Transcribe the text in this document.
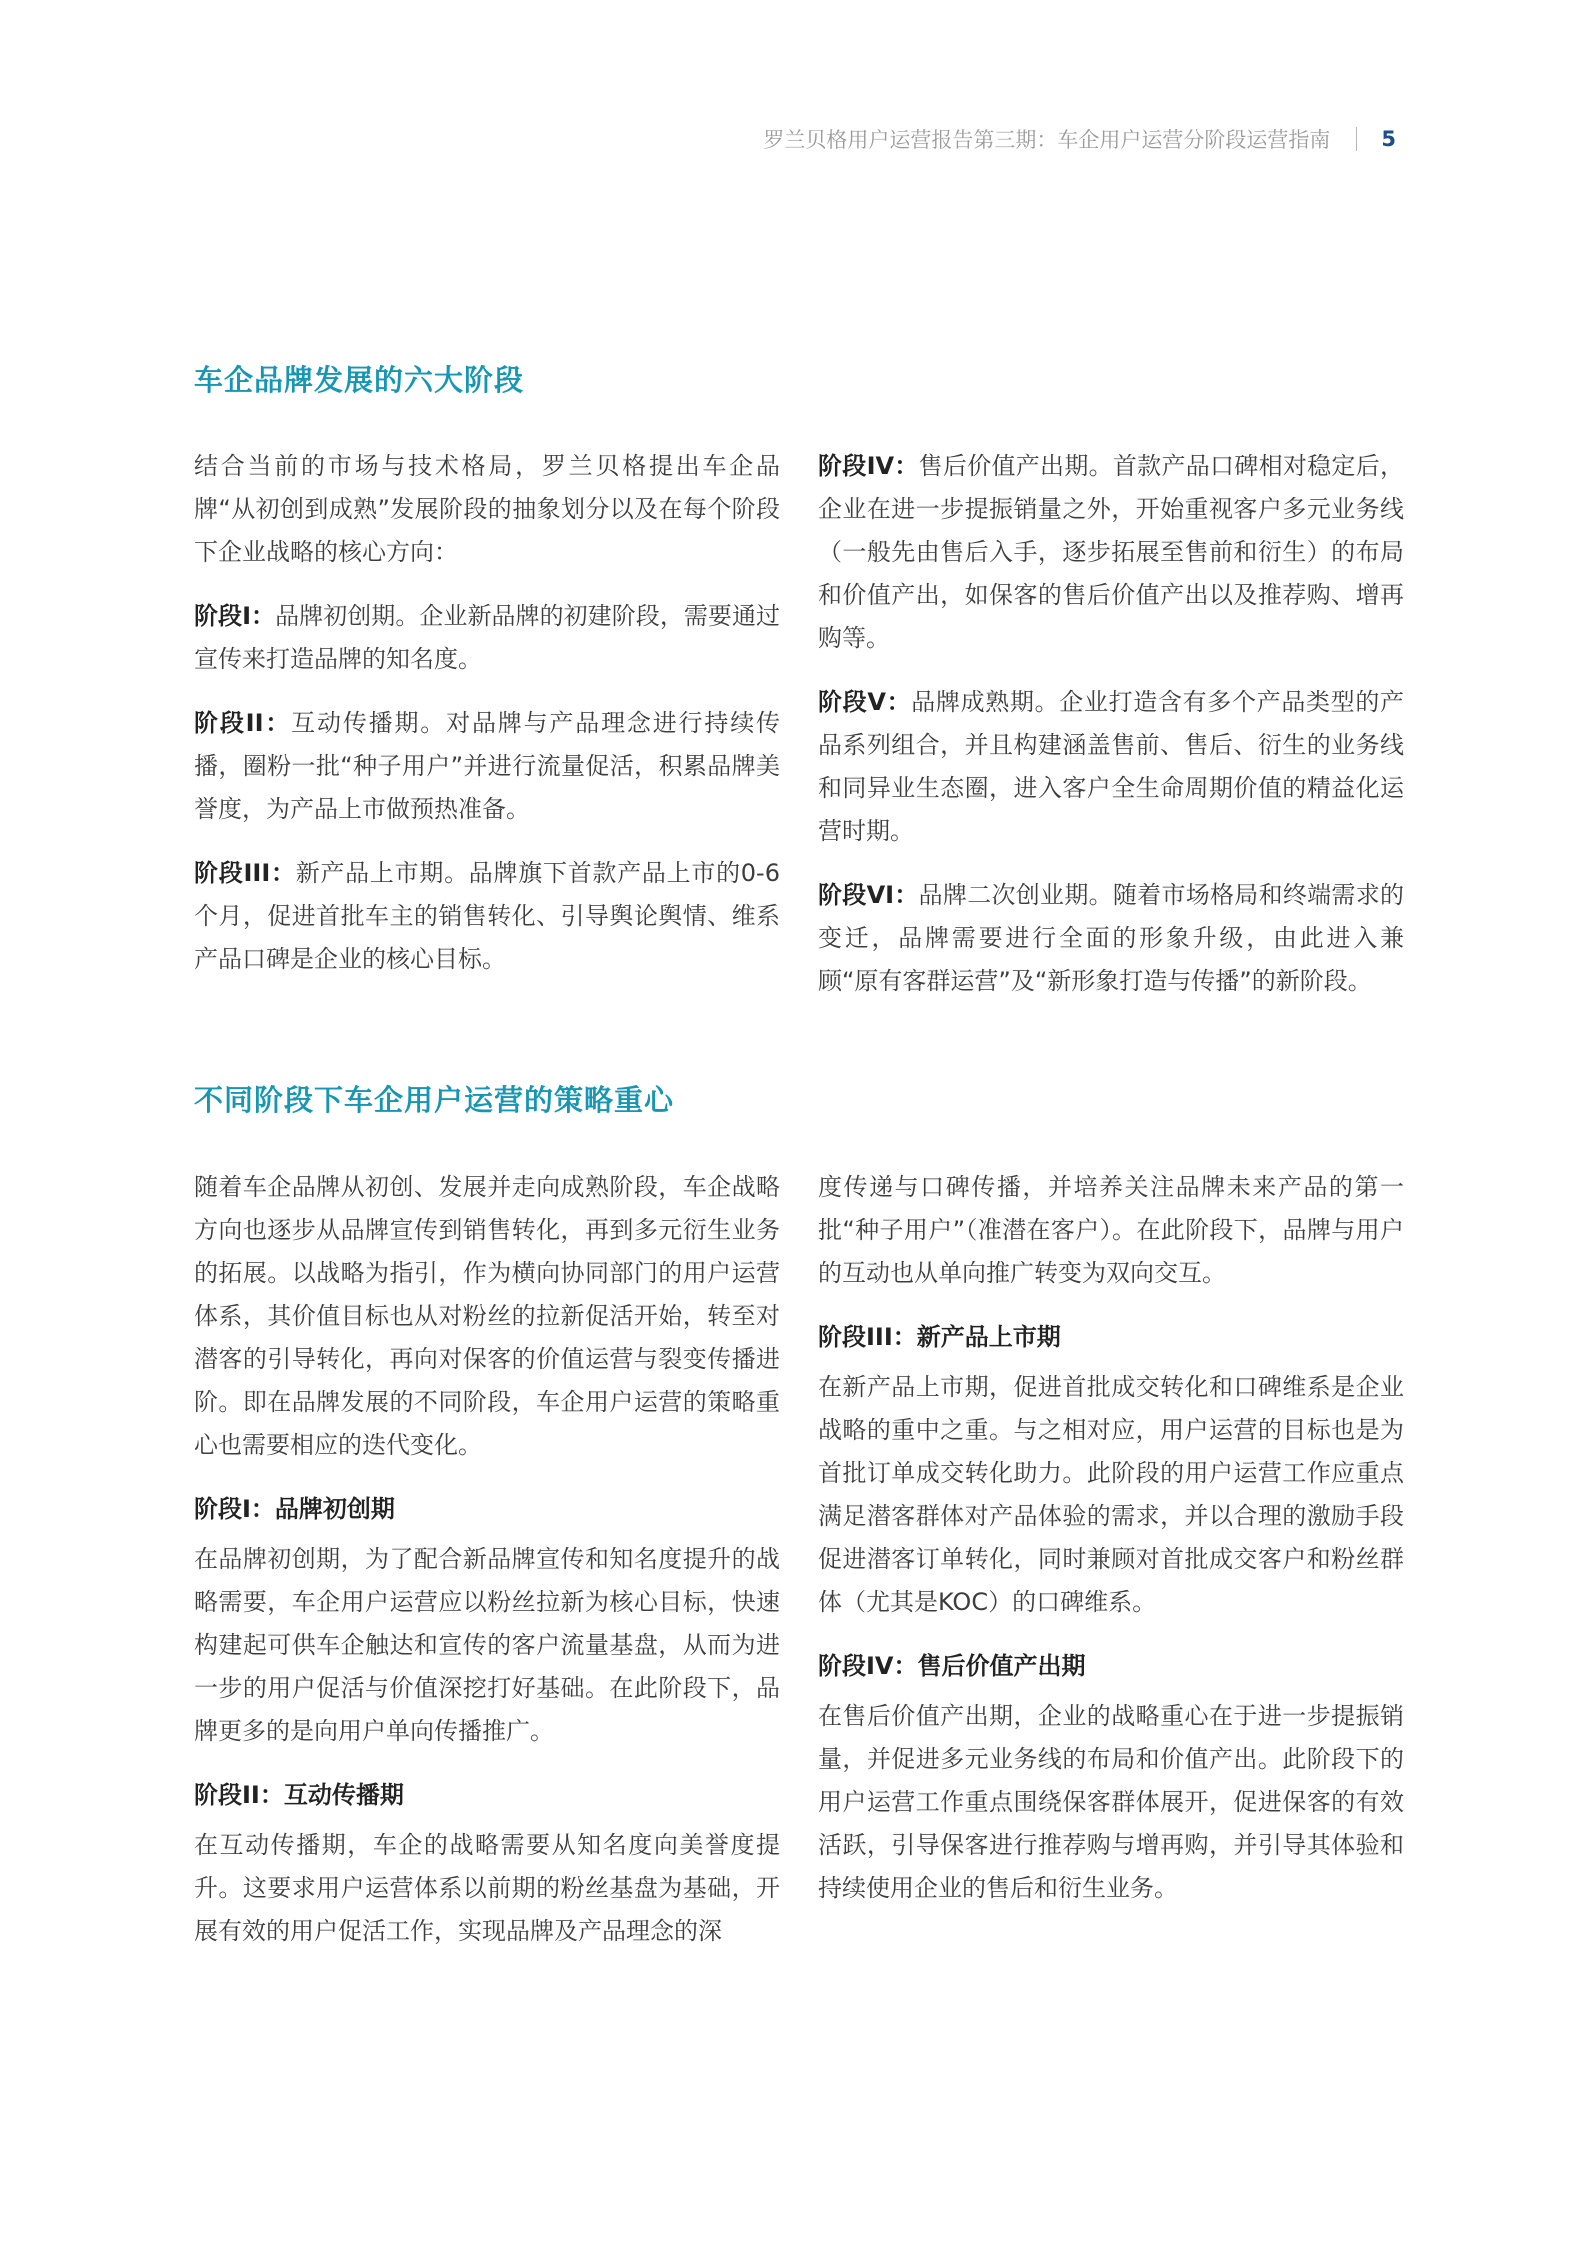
罗兰贝格用户运营报告第三期：车企用户运营分阶段运营指南 5
车企品牌发展的六大阶段

结合当前的市场与技术格局，罗兰贝格提出车企品牌“从初创到成熟”发展阶段的抽象划分以及在每个阶段下企业战略的核心方向：

阶段I：品牌初创期。企业新品牌的初建阶段，需要通过宣传来打造品牌的知名度。

阶段II：互动传播期。对品牌与产品理念进行持续传播，圈粉一批“种子用户”并进行流量促活，积累品牌美誉度，为产品上市做预热准备。

阶段III：新产品上市期。品牌旗下首款产品上市的0-6个月，促进首批车主的销售转化、引导舆论舆情、维系产品口碑是企业的核心目标。

阶段IV：售后价值产出期。首款产品口碑相对稳定后，企业在进一步提振销量之外，开始重视客户多元业务线（一般先由售后入手，逐步拓展至售前和衍生）的布局和价值产出，如保客的售后价值产出以及推荐购、增再购等。

阶段V：品牌成熟期。企业打造含有多个产品类型的产品系列组合，并且构建涵盖售前、售后、衍生的业务线和同异业生态圈，进入客户全生命周期价值的精益化运营时期。

阶段VI：品牌二次创业期。随着市场格局和终端需求的变迁，品牌需要进行全面的形象升级，由此进入兼顾“原有客群运营”及“新形象打造与传播”的新阶段。

不同阶段下车企用户运营的策略重心

随着车企品牌从初创、发展并走向成熟阶段，车企战略方向也逐步从品牌宣传到销售转化，再到多元衍生业务的拓展。以战略为指引，作为横向协同部门的用户运营体系，其价值目标也从对粉丝的拉新促活开始，转至对潜客的引导转化，再向对保客的价值运营与裂变传播进阶。即在品牌发展的不同阶段，车企用户运营的策略重心也需要相应的迭代变化。

阶段I：品牌初创期

在品牌初创期，为了配合新品牌宣传和知名度提升的战略需要，车企用户运营应以粉丝拉新为核心目标，快速构建起可供车企触达和宣传的客户流量基盘，从而为进一步的用户促活与价值深挖打好基础。在此阶段下，品牌更多的是向用户单向传播推广。

阶段II：互动传播期

在互动传播期，车企的战略需要从知名度向美誉度提升。这要求用户运营体系以前期的粉丝基盘为基础，开展有效的用户促活工作，实现品牌及产品理念的深

度传递与口碑传播，并培养关注品牌未来产品的第一批“种子用户”（准潜在客户）。在此阶段下，品牌与用户的互动也从单向推广转变为双向交互。

阶段III：新产品上市期

在新产品上市期，促进首批成交转化和口碑维系是企业战略的重中之重。与之相对应，用户运营的目标也是为首批订单成交转化助力。此阶段的用户运营工作应重点满足潜客群体对产品体验的需求，并以合理的激励手段促进潜客订单转化，同时兼顾对首批成交客户和粉丝群体（尤其是KOC）的口碑维系。

阶段IV：售后价值产出期

在售后价值产出期，企业的战略重心在于进一步提振销量，并促进多元业务线的布局和价值产出。此阶段下的用户运营工作重点围绕保客群体展开，促进保客的有效活跃，引导保客进行推荐购与增再购，并引导其体验和持续使用企业的售后和衍生业务。
